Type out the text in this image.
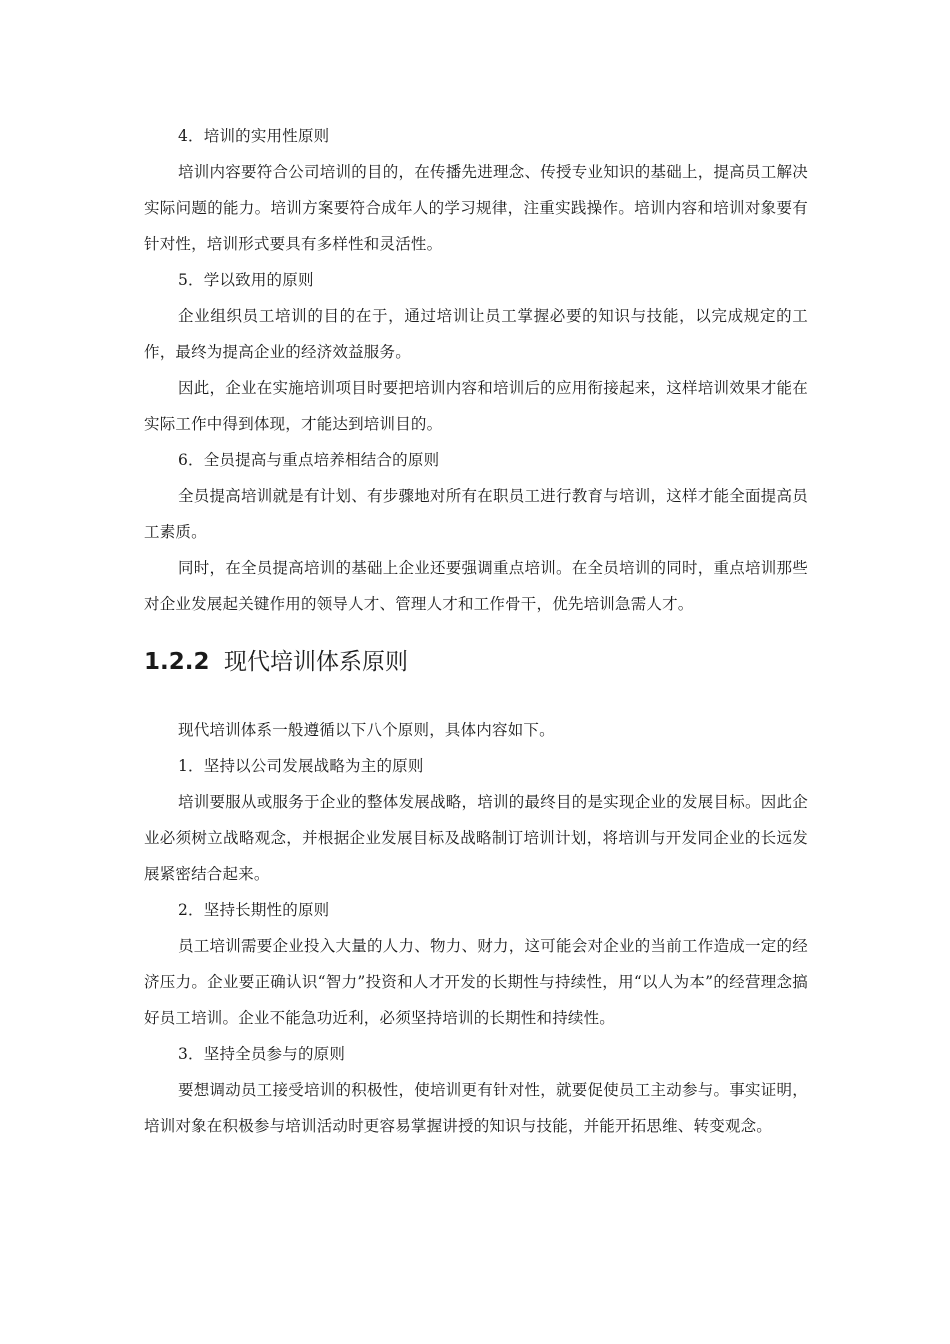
4．培训的实用性原则

培训内容要符合公司培训的目的，在传播先进理念、传授专业知识的基础上，提高员工解决实际问题的能力。培训方案要符合成年人的学习规律，注重实践操作。培训内容和培训对象要有针对性，培训形式要具有多样性和灵活性。

5．学以致用的原则

企业组织员工培训的目的在于，通过培训让员工掌握必要的知识与技能，以完成规定的工作，最终为提高企业的经济效益服务。

因此，企业在实施培训项目时要把培训内容和培训后的应用衔接起来，这样培训效果才能在实际工作中得到体现，才能达到培训目的。

6．全员提高与重点培养相结合的原则

全员提高培训就是有计划、有步骤地对所有在职员工进行教育与培训，这样才能全面提高员工素质。

同时，在全员提高培训的基础上企业还要强调重点培训。在全员培训的同时，重点培训那些对企业发展起关键作用的领导人才、管理人才和工作骨干，优先培训急需人才。

1.2.2 现代培训体系原则

现代培训体系一般遵循以下八个原则，具体内容如下。

1．坚持以公司发展战略为主的原则

培训要服从或服务于企业的整体发展战略，培训的最终目的是实现企业的发展目标。因此企业必须树立战略观念，并根据企业发展目标及战略制订培训计划，将培训与开发同企业的长远发展紧密结合起来。

2．坚持长期性的原则

员工培训需要企业投入大量的人力、物力、财力，这可能会对企业的当前工作造成一定的经济压力。企业要正确认识“智力”投资和人才开发的长期性与持续性，用“以人为本”的经营理念搞好员工培训。企业不能急功近利，必须坚持培训的长期性和持续性。

3．坚持全员参与的原则

要想调动员工接受培训的积极性，使培训更有针对性，就要促使员工主动参与。事实证明，培训对象在积极参与培训活动时更容易掌握讲授的知识与技能，并能开拓思维、转变观念。
